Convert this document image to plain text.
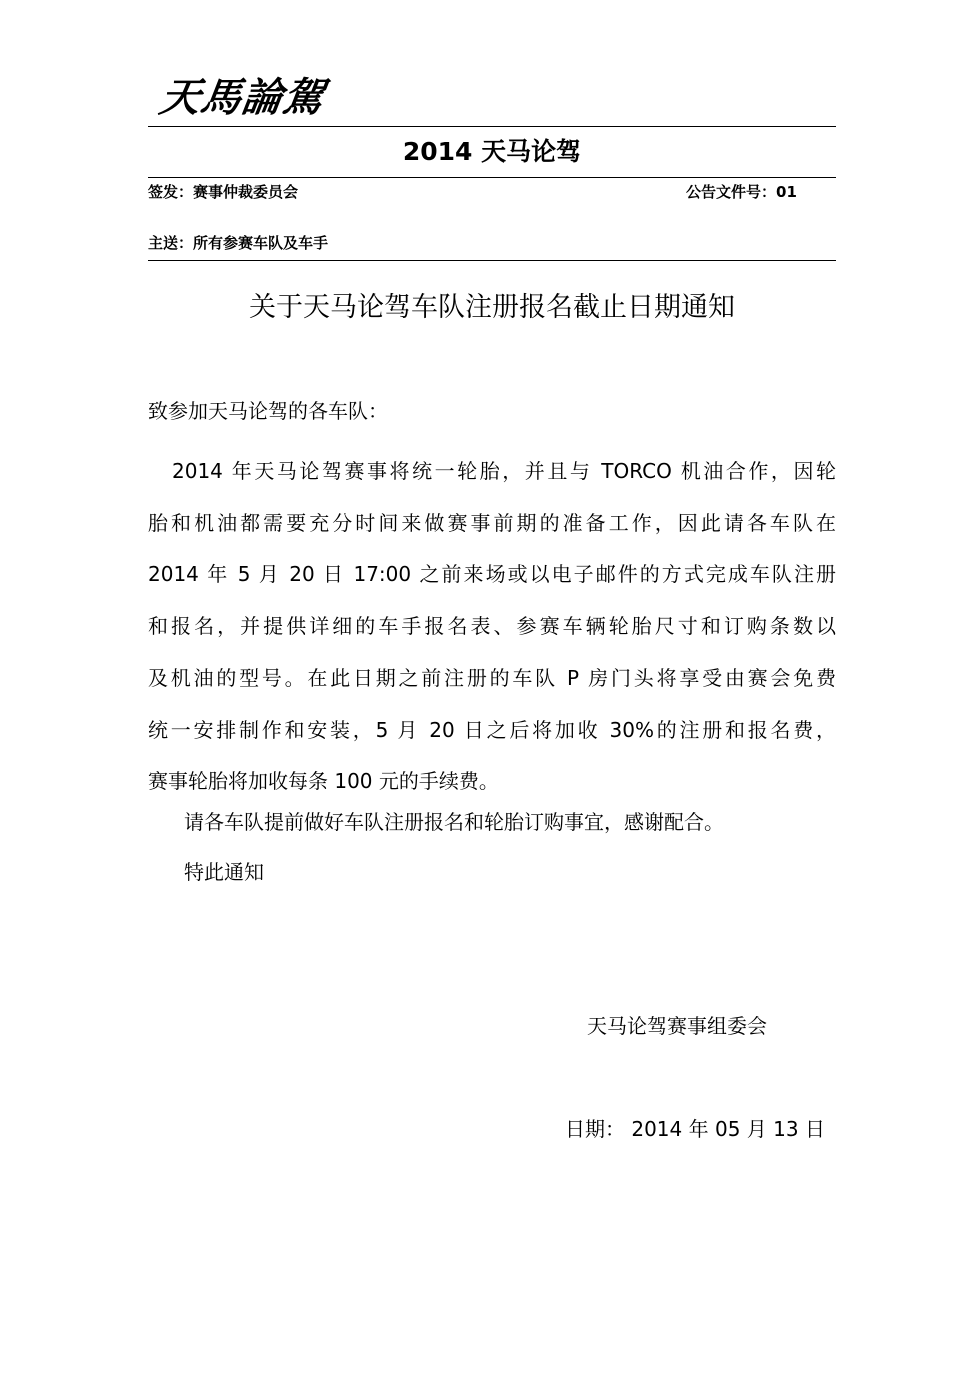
天馬論駕
2014 天马论驾
签发：赛事仲裁委员会	公告文件号：01
主送：所有参赛车队及车手
关于天马论驾车队注册报名截止日期通知
致参加天马论驾的各车队：
2014 年天马论驾赛事将统一轮胎，并且与 TORCO 机油合作，因轮
胎和机油都需要充分时间来做赛事前期的准备工作，因此请各车队在
2014 年 5 月 20 日 17:00 之前来场或以电子邮件的方式完成车队注册
和报名，并提供详细的车手报名表、参赛车辆轮胎尺寸和订购条数以
及机油的型号。在此日期之前注册的车队 P 房门头将享受由赛会免费
统一安排制作和安装，5 月 20 日之后将加收 30%的注册和报名费，
赛事轮胎将加收每条 100 元的手续费。
请各车队提前做好车队注册报名和轮胎订购事宜，感谢配合。
特此通知
天马论驾赛事组委会
日期： 2014 年 05 月 13 日
